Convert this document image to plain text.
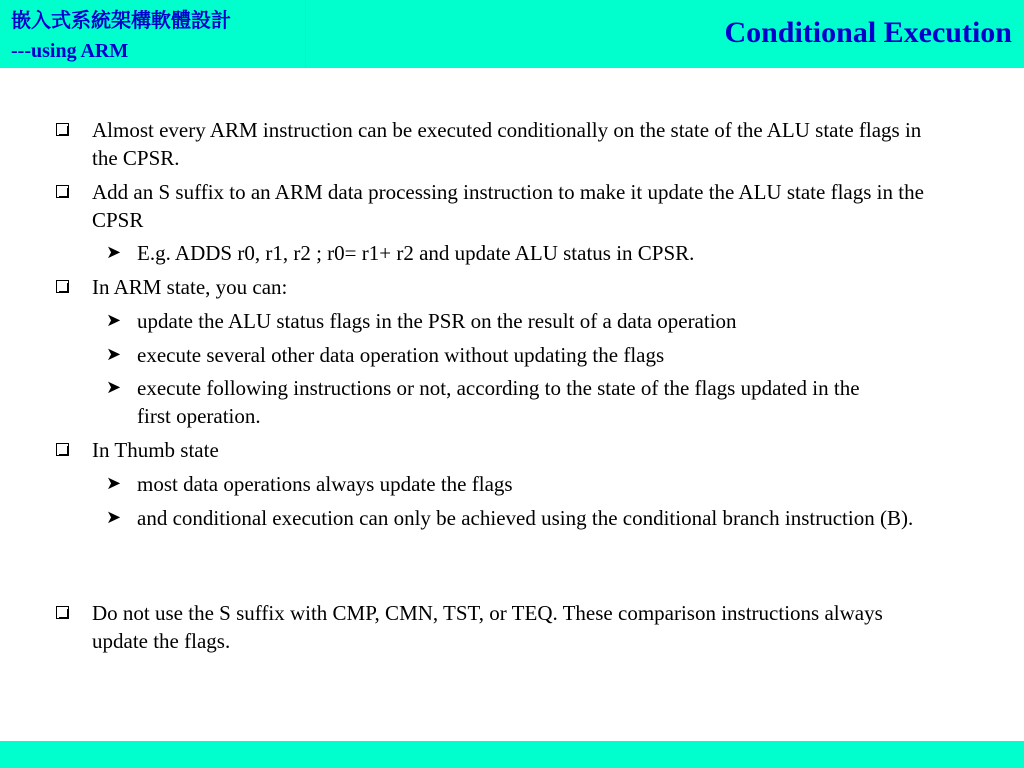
嵌入式系統架構軟體設計
---using ARM
Conditional Execution
Almost every ARM instruction can be executed conditionally on the state of the ALU state flags in the CPSR.
Add an S suffix to an ARM data processing instruction to make it update the ALU state flags in the CPSR
➤ E.g. ADDS r0, r1, r2 ; r0= r1+ r2 and update ALU status in CPSR.
In ARM state, you can:
➤ update the ALU status flags in the PSR on the result of a data operation
➤ execute several other data operation without updating the flags
➤ execute following instructions or not, according to the state of the flags updated in the first operation.
In Thumb state
➤ most data operations always update the flags
➤ and conditional execution can only be achieved using the conditional branch instruction (B).
Do not use the S suffix with CMP, CMN, TST, or TEQ. These comparison instructions always update the flags.
